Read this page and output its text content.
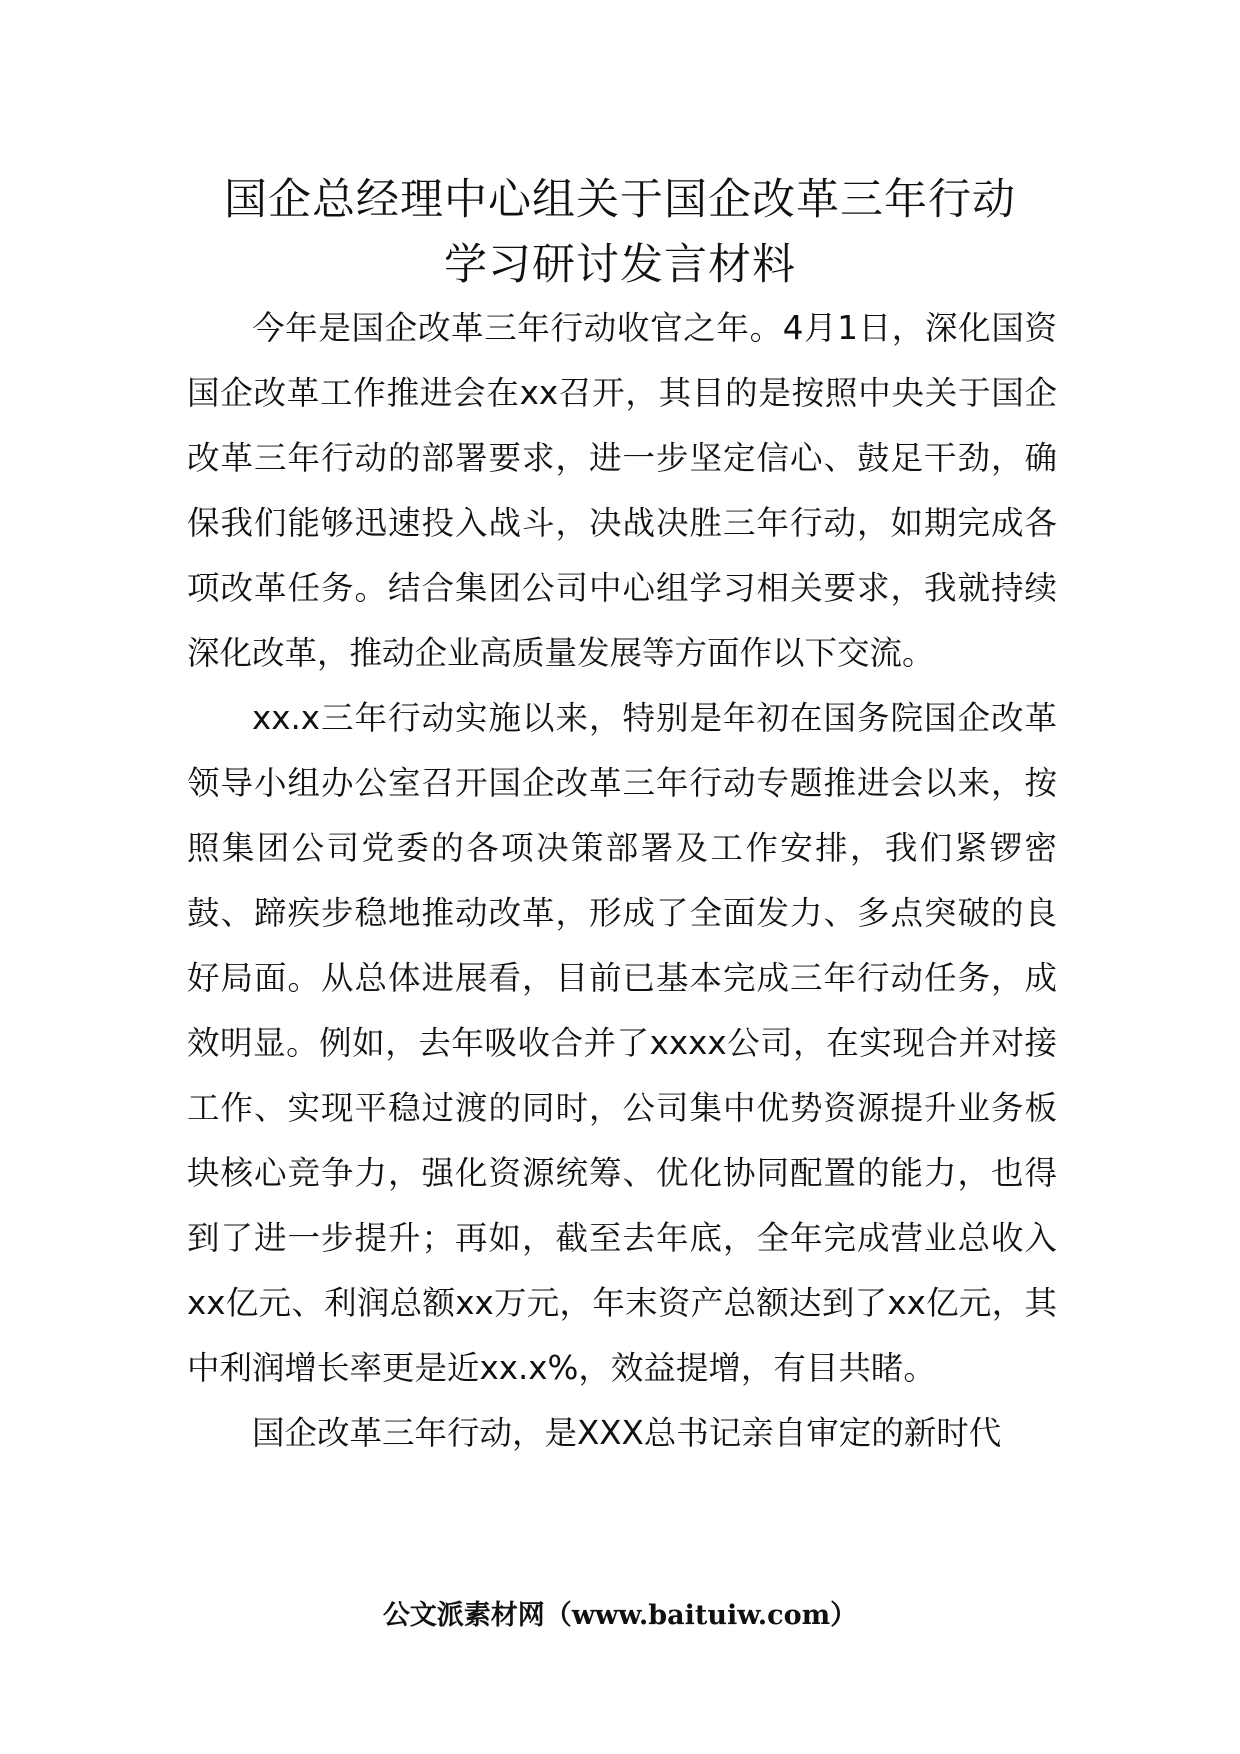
国企总经理中心组关于国企改革三年行动
学习研讨发言材料

今年是国企改革三年行动收官之年。4月1日，深化国资国企改革工作推进会在xx召开，其目的是按照中央关于国企改革三年行动的部署要求，进一步坚定信心、鼓足干劲，确保我们能够迅速投入战斗，决战决胜三年行动，如期完成各项改革任务。结合集团公司中心组学习相关要求，我就持续深化改革，推动企业高质量发展等方面作以下交流。

xx.x三年行动实施以来，特别是年初在国务院国企改革领导小组办公室召开国企改革三年行动专题推进会以来，按照集团公司党委的各项决策部署及工作安排，我们紧锣密鼓、蹄疾步稳地推动改革，形成了全面发力、多点突破的良好局面。从总体进展看，目前已基本完成三年行动任务，成效明显。例如，去年吸收合并了xxxx公司，在实现合并对接工作、实现平稳过渡的同时，公司集中优势资源提升业务板块核心竞争力，强化资源统筹、优化协同配置的能力，也得到了进一步提升；再如，截至去年底，全年完成营业总收入xx亿元、利润总额xx万元，年末资产总额达到了xx亿元，其中利润增长率更是近xx.x%，效益提增，有目共睹。

国企改革三年行动，是XXX总书记亲自审定的新时代

公文派素材网（www.baituiw.com）
